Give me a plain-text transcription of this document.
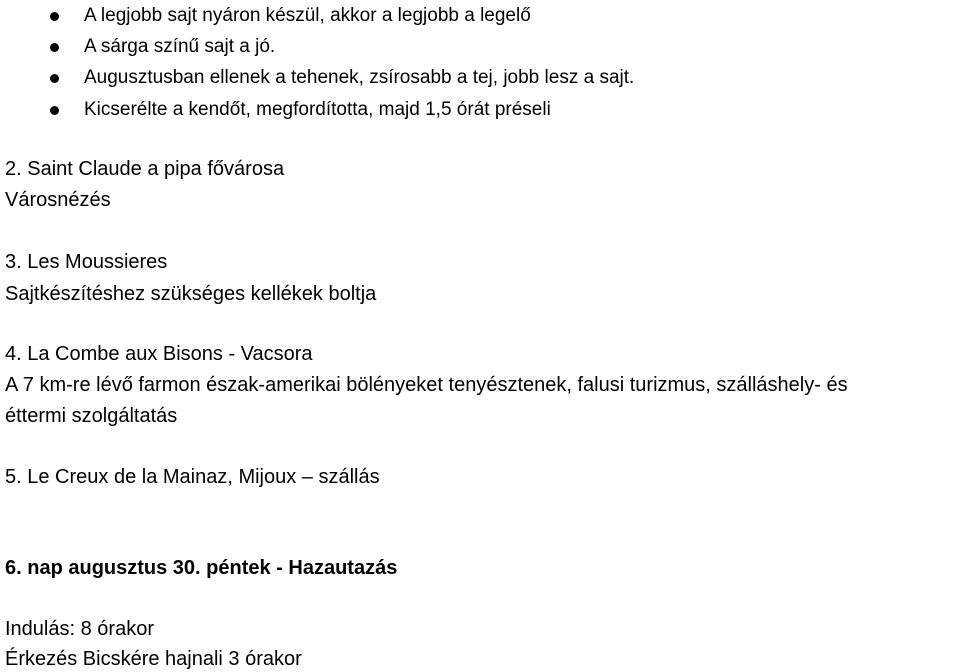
A legjobb sajt nyáron készül, akkor a legjobb a legelő
A sárga színű sajt a jó.
Augusztusban ellenek a tehenek, zsírosabb a tej, jobb lesz a sajt.
Kicserélte a kendőt, megfordította, majd 1,5 órát préseli
2. Saint Claude a pipa fővárosa
Városnézés
3. Les Moussieres
Sajtkészítéshez szükséges kellékek boltja
4. La Combe aux Bisons - Vacsora
A 7 km-re lévő farmon észak-amerikai bölényeket tenyésztenek, falusi turizmus, szálláshely- és
éttermi szolgáltatás
5. Le Creux de la Mainaz, Mijoux – szállás
6. nap augusztus 30. péntek - Hazautazás
Indulás: 8 órakor
Érkezés Bicskére hajnali 3 órakor
